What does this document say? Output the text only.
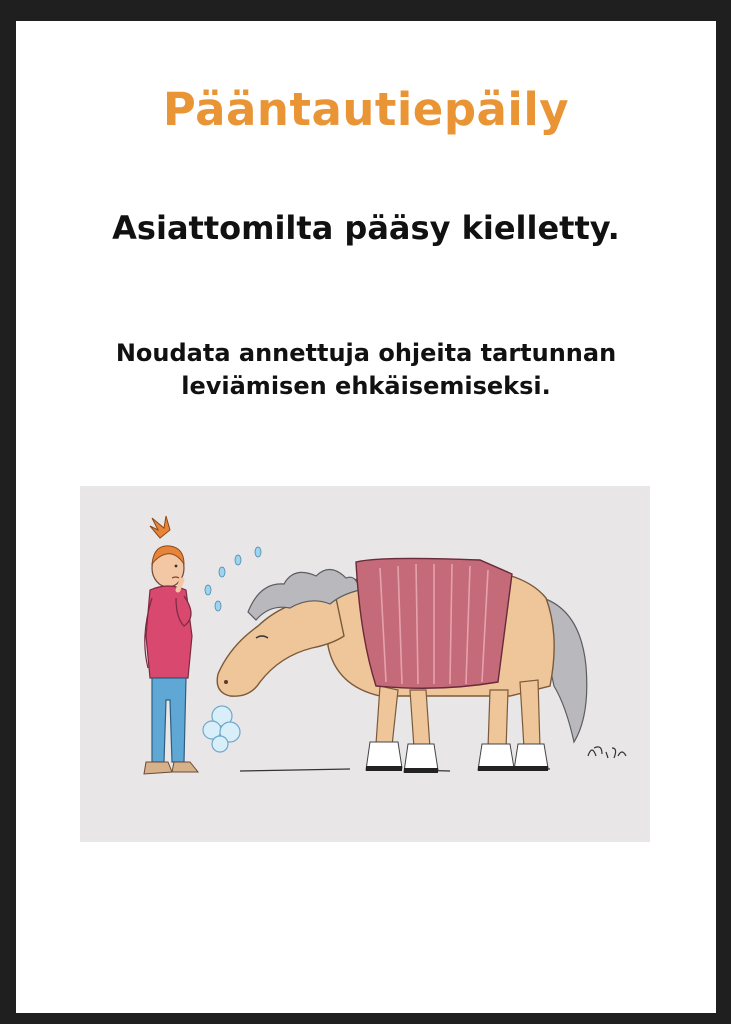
Pääntautiepäily
Asiattomilta pääsy kielletty.

Noudata annettuja ohjeita tartunnan
leviämisen ehkäisemiseksi.
